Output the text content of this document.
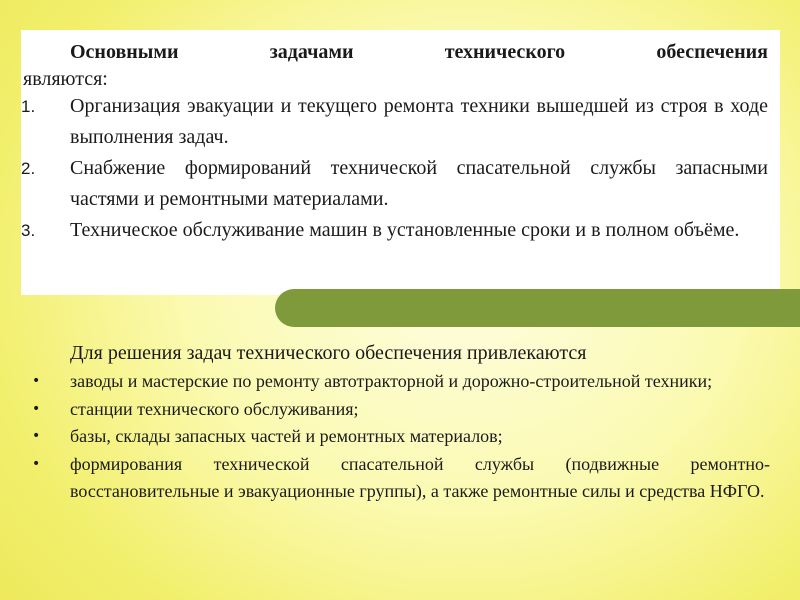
Основными задачами технического обеспечения
являются:
1. Организация эвакуации и текущего ремонта техники вышедшей из строя в ходе выполнения задач.
2. Снабжение формирований технической спасательной службы запасными частями и ремонтными материалами.
3. Техническое обслуживание машин в установленные сроки и в полном объёме.
Для решения задач технического обеспечения привлекаются
• заводы и мастерские по ремонту автотракторной и дорожно-строительной техники;
• станции технического обслуживания;
• базы, склады запасных частей и ремонтных материалов;
• формирования технической спасательной службы (подвижные ремонтно-восстановительные и эвакуационные группы), а также ремонтные силы и средства НФГО.
